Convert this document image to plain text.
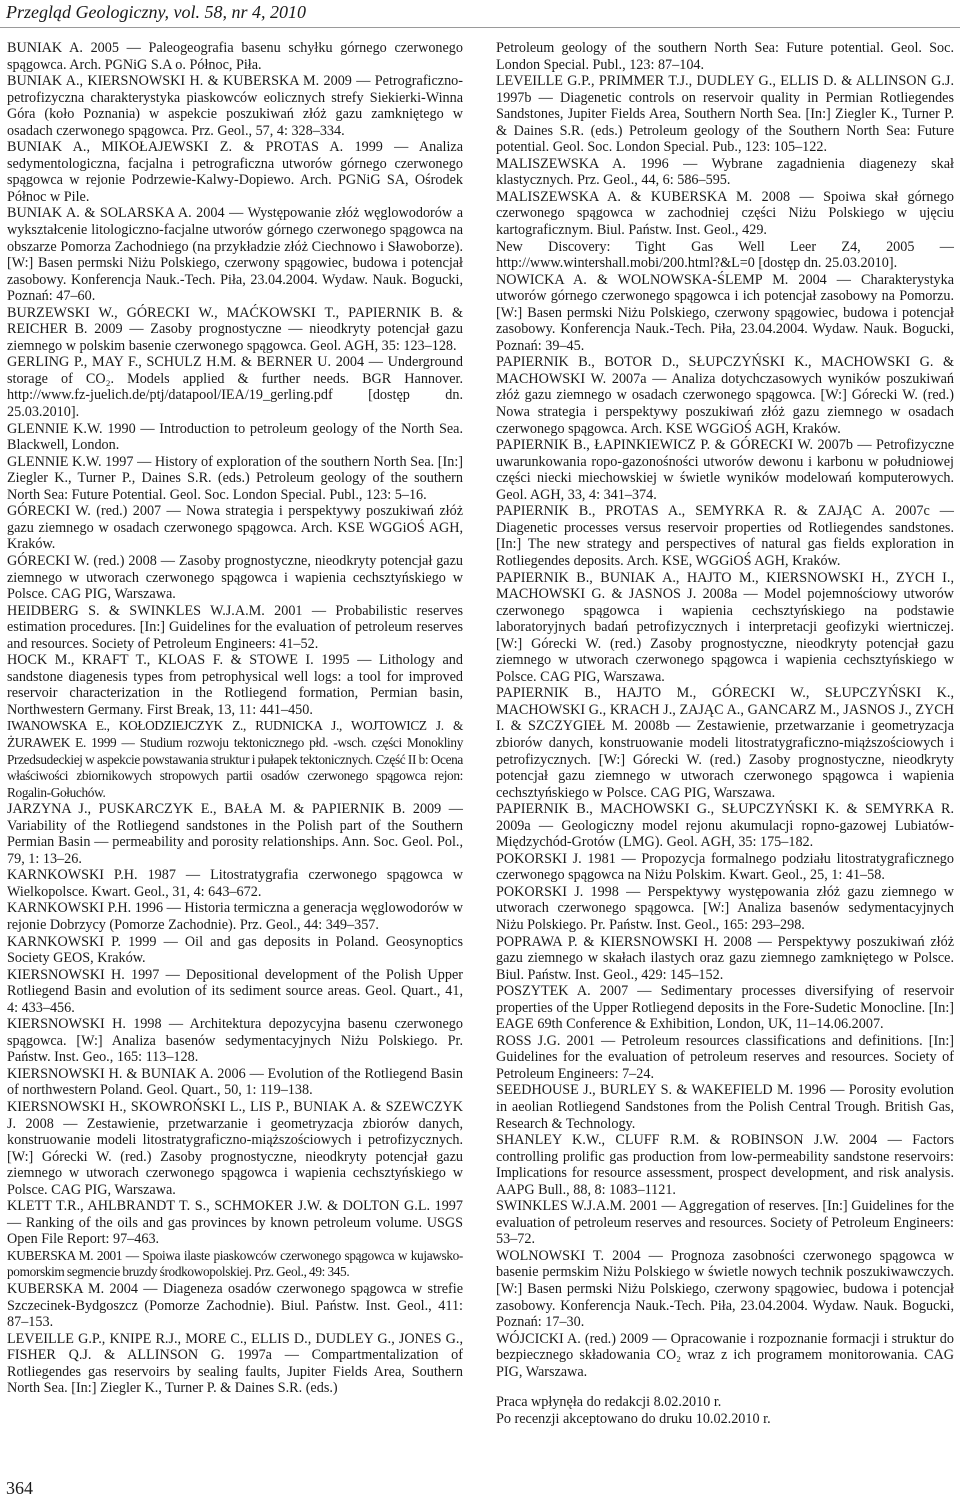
Przegląd Geologiczny, vol. 58, nr 4, 2010

BUNIAK A. 2005 — Paleogeografia basenu schyłku górnego czerwonego spągowca. Arch. PGNiG S.A o. Północ, Piła.

BUNIAK A., KIERSNOWSKI H. & KUBERSKA M. 2009 — Petrograficzno-petrofizyczna charakterystyka piaskowców eolicznych strefy Siekierki-Winna Góra (koło Poznania) w aspekcie poszukiwań złóż gazu zamkniętego w osadach czerwonego spągowca. Prz. Geol., 57, 4: 328–334.

BUNIAK A., MIKOŁAJEWSKI Z. & PROTAS A. 1999 — Analiza sedymentologiczna, facjalna i petrograficzna utworów górnego czerwonego spągowca w rejonie Podrzewie-Kalwy-Dopiewo. Arch. PGNiG SA, Ośrodek Północ w Pile.

BUNIAK A. & SOLARSKA A. 2004 — Występowanie złóż węglowodorów a wykształcenie litologiczno-facjalne utworów górnego czerwonego spągowca na obszarze Pomorza Zachodniego (na przykładzie złóż Ciechnowo i Sławoborze). [W:] Basen permski Niżu Polskiego, czerwony spągowiec, budowa i potencjał zasobowy. Konferencja Nauk.-Tech. Piła, 23.04.2004. Wydaw. Nauk. Bogucki, Poznań: 47–60.

BURZEWSKI W., GÓRECKI W., MAĆKOWSKI T., PAPIERNIK B. & REICHER B. 2009 — Zasoby prognostyczne — nieodkryty potencjał gazu ziemnego w polskim basenie czerwonego spągowca. Geol. AGH, 35: 123–128.

GERLING P., MAY F., SCHULZ H.M. & BERNER U. 2004 — Underground storage of CO₂. Models applied & further needs. BGR Hannover. http://www.fz-juelich.de/ptj/datapool/IEA/19_gerling.pdf [dostęp dn. 25.03.2010].

GLENNIE K.W. 1990 — Introduction to petroleum geology of the North Sea. Blackwell, London.

GLENNIE K.W. 1997 — History of exploration of the southern North Sea. [In:] Ziegler K., Turner P., Daines S.R. (eds.) Petroleum geology of the southern North Sea: Future Potential. Geol. Soc. London Special. Publ., 123: 5–16.

GÓRECKI W. (red.) 2007 — Nowa strategia i perspektywy poszukiwań złóż gazu ziemnego w osadach czerwonego spągowca. Arch. KSE WGGiOŚ AGH, Kraków.

GÓRECKI W. (red.) 2008 — Zasoby prognostyczne, nieodkryty potencjał gazu ziemnego w utworach czerwonego spągowca i wapienia cechsztyńskiego w Polsce. CAG PIG, Warszawa.

HEIDBERG S. & SWINKLES W.J.A.M. 2001 — Probabilistic reserves estimation procedures. [In:] Guidelines for the evaluation of petroleum reserves and resources. Society of Petroleum Engineers: 41–52.

HOCK M., KRAFT T., KLOAS F. & STOWE I. 1995 — Lithology and sandstone diagenesis types from petrophysical well logs: a tool for improved reservoir characterization in the Rotliegend formation, Permian basin, Northwestern Germany. First Break, 13, 11: 441–450.

IWANOWSKA E., KOŁODZIEJCZYK Z., RUDNICKA J., WOJTOWICZ J. & ŻURAWEK E. 1999 — Studium rozwoju tektonicznego płd. -wsch. części Monokliny Przedsudeckiej w aspekcie powstawania struktur i pułapek tektonicznych. Część II b: Ocena właściwości zbiornikowych stropowych partii osadów czerwonego spągowca rejon: Rogalin-Gołuchów.

JARZYNA J., PUSKARCZYK E., BAŁA M. & PAPIERNIK B. 2009 — Variability of the Rotliegend sandstones in the Polish part of the Southern Permian Basin — permeability and porosity relationships. Ann. Soc. Geol. Pol., 79, 1: 13–26.

KARNKOWSKI P.H. 1987 — Litostratygrafia czerwonego spągowca w Wielkopolsce. Kwart. Geol., 31, 4: 643–672.

KARNKOWSKI P.H. 1996 — Historia termiczna a generacja węglowodorów w rejonie Dobrzycy (Pomorze Zachodnie). Prz. Geol., 44: 349–357.

KARNKOWSKI P. 1999 — Oil and gas deposits in Poland. Geosynoptics Society GEOS, Kraków.

KIERSNOWSKI H. 1997 — Depositional development of the Polish Upper Rotliegend Basin and evolution of its sediment source areas. Geol. Quart., 41, 4: 433–456.

KIERSNOWSKI H. 1998 — Architektura depozycyjna basenu czerwonego spągowca. [W:] Analiza basenów sedymentacyjnych Niżu Polskiego. Pr. Państw. Inst. Geo., 165: 113–128.

KIERSNOWSKI H. & BUNIAK A. 2006 — Evolution of the Rotliegend Basin of northwestern Poland. Geol. Quart., 50, 1: 119–138.

KIERSNOWSKI H., SKOWROŃSKI L., LIS P., BUNIAK A. & SZEWCZYK J. 2008 — Zestawienie, przetwarzanie i geometryzacja zbiorów danych, konstruowanie modeli litostratygraficzno-miąższościowych i petrofizycznych. [W:] Górecki W. (red.) Zasoby prognostyczne, nieodkryty potencjał gazu ziemnego w utworach czerwonego spągowca i wapienia cechsztyńskiego w Polsce. CAG PIG, Warszawa.

KLETT T.R., AHLBRANDT T. S., SCHMOKER J.W. & DOLTON G.L. 1997 — Ranking of the oils and gas provinces by known petroleum volume. USGS Open File Report: 97–463.

KUBERSKA M. 2001 — Spoiwa ilaste piaskowców czerwonego spągowca w kujawsko-pomorskim segmencie bruzdy środkowopolskiej. Prz. Geol., 49: 345.

KUBERSKA M. 2004 — Diageneza osadów czerwonego spągowca w strefie Szczecinek-Bydgoszcz (Pomorze Zachodnie). Biul. Państw. Inst. Geol., 411: 87–153.

LEVEILLE G.P., KNIPE R.J., MORE C., ELLIS D., DUDLEY G., JONES G., FISHER Q.J. & ALLINSON G. 1997a — Compartmentalization of Rotliegendes gas reservoirs by sealing faults, Jupiter Fields Area, Southern North Sea. [In:] Ziegler K., Turner P. & Daines S.R. (eds.)

Petroleum geology of the southern North Sea: Future potential. Geol. Soc. London Special. Publ., 123: 87–104.

LEVEILLE G.P., PRIMMER T.J., DUDLEY G., ELLIS D. & ALLINSON G.J. 1997b — Diagenetic controls on reservoir quality in Permian Rotliegendes Sandstones, Jupiter Fields Area, Southern North Sea. [In:] Ziegler K., Turner P. & Daines S.R. (eds.) Petroleum geology of the Southern North Sea: Future potential. Geol. Soc. London Special. Pub., 123: 105–122.

MALISZEWSKA A. 1996 — Wybrane zagadnienia diagenezy skał klastycznych. Prz. Geol., 44, 6: 586–595.

MALISZEWSKA A. & KUBERSKA M. 2008 — Spoiwa skał górnego czerwonego spągowca w zachodniej części Niżu Polskiego w ujęciu kartograficznym. Biul. Państw. Inst. Geol., 429.

New Discovery: Tight Gas Well Leer Z4, 2005 — http://www.wintershall.mobi/200.html?&L=0 [dostęp dn. 25.03.2010].

NOWICKA A. & WOLNOWSKA-ŚLEMP M. 2004 — Charakterystyka utworów górnego czerwonego spągowca i ich potencjał zasobowy na Pomorzu. [W:] Basen permski Niżu Polskiego, czerwony spągowiec, budowa i potencjał zasobowy. Konferencja Nauk.-Tech. Piła, 23.04.2004. Wydaw. Nauk. Bogucki, Poznań: 39–45.

PAPIERNIK B., BOTOR D., SŁUPCZYŃSKI K., MACHOWSKI G. & MACHOWSKI W. 2007a — Analiza dotychczasowych wyników poszukiwań złóż gazu ziemnego w osadach czerwonego spągowca. [W:] Górecki W. (red.) Nowa strategia i perspektywy poszukiwań złóż gazu ziemnego w osadach czerwonego spągowca. Arch. KSE WGGiOŚ AGH, Kraków.

PAPIERNIK B., ŁAPINKIEWICZ P. & GÓRECKI W. 2007b — Petrofizyczne uwarunkowania ropo-gazonośności utworów dewonu i karbonu w południowej części niecki miechowskiej w świetle wyników modelowań komputerowych. Geol. AGH, 33, 4: 341–374.

PAPIERNIK B., PROTAS A., SEMYRKA R. & ZAJĄC A. 2007c — Diagenetic processes versus reservoir properties od Rotliegendes sandstones. [In:] The new strategy and perspectives of natural gas fields exploration in Rotliegendes deposits. Arch. KSE, WGGiOŚ AGH, Kraków.

PAPIERNIK B., BUNIAK A., HAJTO M., KIERSNOWSKI H., ZYCH I., MACHOWSKI G. & JASNOS J. 2008a — Model pojemnościowy utworów czerwonego spągowca i wapienia cechsztyńskiego na podstawie laboratoryjnych badań petrofizycznych i interpretacji geofizyki wiertniczej. [W:] Górecki W. (red.) Zasoby prognostyczne, nieodkryty potencjał gazu ziemnego w utworach czerwonego spągowca i wapienia cechsztyńskiego w Polsce. CAG PIG, Warszawa.

PAPIERNIK B., HAJTO M., GÓRECKI W., SŁUPCZYŃSKI K., MACHOWSKI G., KRACH J., ZAJĄC A., GANCARZ M., JASNOS J., ZYCH I. & SZCZYGIEŁ M. 2008b — Zestawienie, przetwarzanie i geometryzacja zbiorów danych, konstruowanie modeli litostratygraficzno-miąższościowych i petrofizycznych. [W:] Górecki W. (red.) Zasoby prognostyczne, nieodkryty potencjał gazu ziemnego w utworach czerwonego spągowca i wapienia cechsztyńskiego w Polsce. CAG PIG, Warszawa.

PAPIERNIK B., MACHOWSKI G., SŁUPCZYŃSKI K. & SEMYRKA R. 2009a — Geologiczny model rejonu akumulacji ropno-gazowej Lubiatów-Międzychód-Grotów (LMG). Geol. AGH, 35: 175–182.

POKORSKI J. 1981 — Propozycja formalnego podziału litostratygraficznego czerwonego spągowca na Niżu Polskim. Kwart. Geol., 25, 1: 41–58.

POKORSKI J. 1998 — Perspektywy występowania złóż gazu ziemnego w utworach czerwonego spągowca. [W:] Analiza basenów sedymentacyjnych Niżu Polskiego. Pr. Państw. Inst. Geol., 165: 293–298.

POPRAWA P. & KIERSNOWSKI H. 2008 — Perspektywy poszukiwań złóż gazu ziemnego w skałach ilastych oraz gazu ziemnego zamkniętego w Polsce. Biul. Państw. Inst. Geol., 429: 145–152.

POSZYTEK A. 2007 — Sedimentary processes diversifying of reservoir properties of the Upper Rotliegend deposits in the Fore-Sudetic Monocline. [In:] EAGE 69th Conference & Exhibition, London, UK, 11–14.06.2007.

ROSS J.G. 2001 — Petroleum resources classifications and definitions. [In:] Guidelines for the evaluation of petroleum reserves and resources. Society of Petroleum Engineers: 7–24.

SEEDHOUSE J., BURLEY S. & WAKEFIELD M. 1996 — Porosity evolution in aeolian Rotliegend Sandstones from the Polish Central Trough. British Gas, Research & Technology.

SHANLEY K.W., CLUFF R.M. & ROBINSON J.W. 2004 — Factors controlling prolific gas production from low-permeability sandstone reservoirs: Implications for resource assessment, prospect development, and risk analysis. AAPG Bull., 88, 8: 1083–1121.

SWINKLES W.J.A.M. 2001 — Aggregation of reserves. [In:] Guidelines for the evaluation of petroleum reserves and resources. Society of Petroleum Engineers: 53–72.

WOLNOWSKI T. 2004 — Prognoza zasobności czerwonego spągowca w basenie permskim Niżu Polskiego w świetle nowych technik poszukiwawczych. [W:] Basen permski Niżu Polskiego, czerwony spągowiec, budowa i potencjał zasobowy. Konferencja Nauk.-Tech. Piła, 23.04.2004. Wydaw. Nauk. Bogucki, Poznań: 17–30.

WÓJCICKI A. (red.) 2009 — Opracowanie i rozpoznanie formacji i struktur do bezpiecznego składowania CO₂ wraz z ich programem monitorowania. CAG PIG, Warszawa.

Praca wpłynęła do redakcji 8.02.2010 r.

Po recenzji akceptowano do druku 10.02.2010 r.

364
